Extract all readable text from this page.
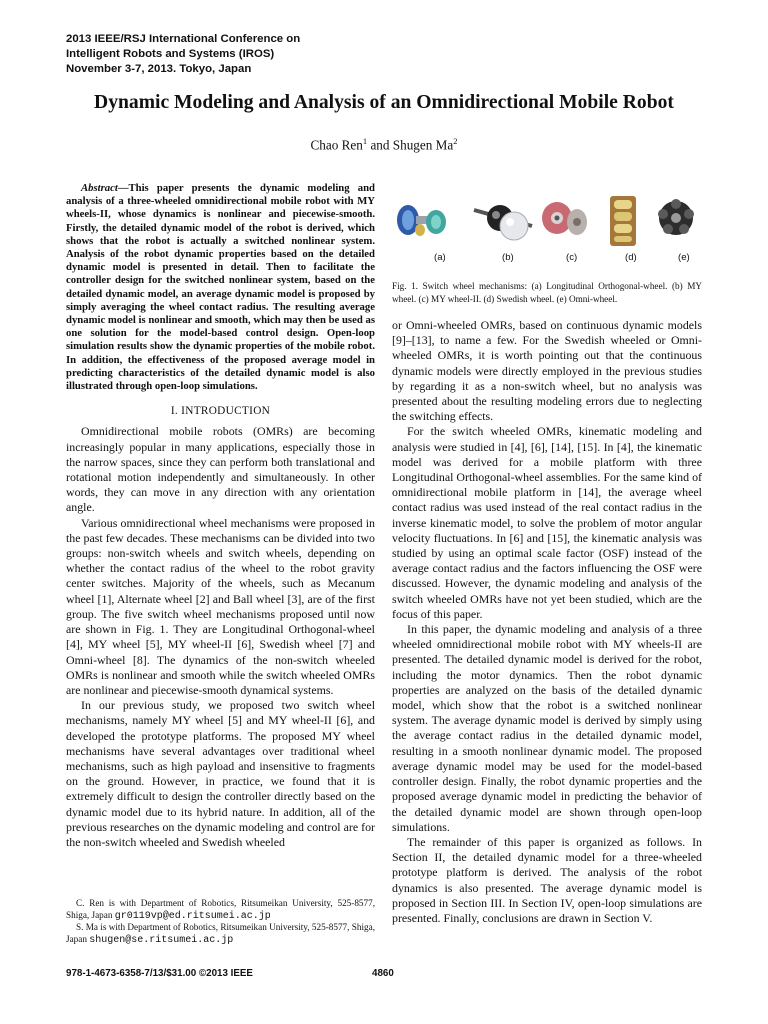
2013 IEEE/RSJ International Conference on
Intelligent Robots and Systems (IROS)
November 3-7, 2013. Tokyo, Japan
Dynamic Modeling and Analysis of an Omnidirectional Mobile Robot
Chao Ren$^1$ and Shugen Ma$^2$

Abstract—This paper presents the dynamic modeling and analysis of a three-wheeled omnidirectional mobile robot with MY wheels-II, whose dynamics is nonlinear and piecewise-smooth. Firstly, the detailed dynamic model of the robot is derived, which shows that the robot is actually a switched nonlinear system. Analysis of the robot dynamic properties based on the detailed dynamic model is presented in detail. Then to facilitate the controller design for the switched nonlinear system, based on the detailed dynamic model, an average dynamic model is proposed by simply averaging the wheel contact radius. The resulting average dynamic model is nonlinear and smooth, which may then be used as one solution for the model-based control design. Open-loop simulation results show the dynamic properties of the mobile robot. In addition, the effectiveness of the proposed average model in predicting characteristics of the detailed dynamic model is also illustrated through open-loop simulations.

I. INTRODUCTION

Omnidirectional mobile robots (OMRs) are becoming increasingly popular in many applications, especially those in the narrow spaces, since they can perform both translational and rotational motion independently and simultaneously. In other words, they can move in any direction with any orientation angle.

Various omnidirectional wheel mechanisms were proposed in the past few decades. These mechanisms can be divided into two groups: non-switch wheels and switch wheels, depending on whether the contact radius of the wheel to the robot gravity center switches. Majority of the wheels, such as Mecanum wheel [1], Alternate wheel [2] and Ball wheel [3], are of the first group. The five switch wheel mechanisms proposed until now are shown in Fig. 1. They are Longitudinal Orthogonal-wheel [4], MY wheel [5], MY wheel-II [6], Swedish wheel [7] and Omni-wheel [8]. The dynamics of the non-switch wheeled OMRs is nonlinear and smooth while the switch wheeled OMRs are nonlinear and piecewise-smooth dynamical systems.

In our previous study, we proposed two switch wheel mechanisms, namely MY wheel [5] and MY wheel-II [6], and developed the prototype platforms. The proposed MY wheel mechanisms have several advantages over traditional wheel mechanisms, such as high payload and insensitive to fragments on the ground. However, in practice, we found that it is extremely difficult to design the controller directly based on the dynamic model due to its hybrid nature. In addition, all of the previous researches on the dynamic modeling and control are for the non-switch wheeled and Swedish wheeled

C. Ren is with Department of Robotics, Ritsumeikan University, 525-8577, Shiga, Japan gr0119vp@ed.ritsumei.ac.jp

S. Ma is with Department of Robotics, Ritsumeikan University, 525-8577, Shiga, Japan shugen@se.ritsumei.ac.jp

(a)	(b)	(c)	(d)	(e)
Fig. 1. Switch wheel mechanisms: (a) Longitudinal Orthogonal-wheel. (b) MY wheel. (c) MY wheel-II. (d) Swedish wheel. (e) Omni-wheel.

or Omni-wheeled OMRs, based on continuous dynamic models [9]–[13], to name a few. For the Swedish wheeled or Omni-wheeled OMRs, it is worth pointing out that the continuous dynamic models were directly employed in the previous studies by regarding it as a non-switch wheel, but no analysis was presented about the resulting modeling errors due to neglecting the switching effects.

For the switch wheeled OMRs, kinematic modeling and analysis were studied in [4], [6], [14], [15]. In [4], the kinematic model was derived for a mobile platform with three Longitudinal Orthogonal-wheel assemblies. For the same kind of omnidirectional mobile platform in [14], the average wheel contact radius was used instead of the real contact radius in the inverse kinematic model, to solve the problem of motor angular velocity fluctuations. In [6] and [15], the kinematic analysis was studied by using an optimal scale factor (OSF) instead of the average contact radius and the factors influencing the OSF were discussed. However, the dynamic modeling and analysis of the switch wheeled OMRs have not yet been studied, which are the focus of this paper.

In this paper, the dynamic modeling and analysis of a three wheeled omnidirectional mobile robot with MY wheels-II are presented. The detailed dynamic model is derived for the robot, including the motor dynamics. Then the robot dynamic properties are analyzed on the basis of the detailed dynamic model, which show that the robot is a switched nonlinear system. The average dynamic model is derived by simply using the average contact radius in the detailed dynamic model, resulting in a smooth nonlinear dynamic model. The proposed average dynamic model may be used for the model-based controller design. Finally, the robot dynamic properties and the proposed average dynamic model in predicting the behavior of the detailed dynamic model are shown through open-loop simulations.

The remainder of this paper is organized as follows. In Section II, the detailed dynamic model for a three-wheeled prototype platform is derived. The analysis of the robot dynamics is also presented. The average dynamic model is proposed in Section III. In Section IV, open-loop simulations are presented. Finally, conclusions are drawn in Section V.

978-1-4673-6358-7/13/$31.00 ©2013 IEEE	4860
